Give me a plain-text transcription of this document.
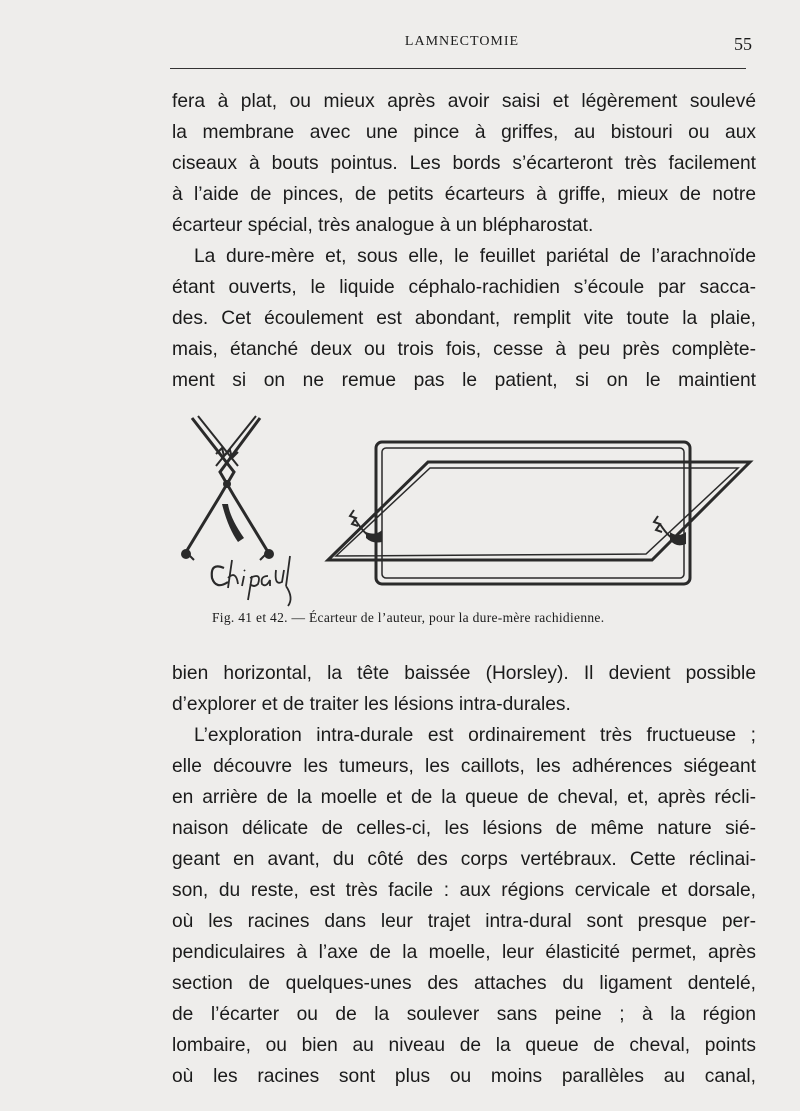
LAMNECTOMIE	55

fera à plat, ou mieux après avoir saisi et légèrement soulevé
la membrane avec une pince à griffes, au bistouri ou aux
ciseaux à bouts pointus. Les bords s’écarteront très facilement
à l’aide de pinces, de petits écarteurs à griffe, mieux de notre
écarteur spécial, très analogue à un blépharostat.

La dure-mère et, sous elle, le feuillet pariétal de l’arachnoïde
étant ouverts, le liquide céphalo-rachidien s’écoule par sacca-
des. Cet écoulement est abondant, remplit vite toute la plaie,
mais, étanché deux ou trois fois, cesse à peu près complète-
ment si on ne remue pas le patient, si on le maintient

Fig. 41 et 42. — Écarteur de l’auteur, pour la dure-mère rachidienne.

bien horizontal, la tête baissée (Horsley). Il devient possible
d’explorer et de traiter les lésions intra-durales.

L’exploration intra-durale est ordinairement très fructueuse ;
elle découvre les tumeurs, les caillots, les adhérences siégeant
en arrière de la moelle et de la queue de cheval, et, après récli-
naison délicate de celles-ci, les lésions de même nature sié-
geant en avant, du côté des corps vertébraux. Cette réclinai-
son, du reste, est très facile : aux régions cervicale et dorsale,
où les racines dans leur trajet intra-dural sont presque per-
pendiculaires à l’axe de la moelle, leur élasticité permet, après
section de quelques-unes des attaches du ligament dentelé,
de l’écarter ou de la soulever sans peine ; à la région
lombaire, ou bien au niveau de la queue de cheval, points
où les racines sont plus ou moins parallèles au canal,
